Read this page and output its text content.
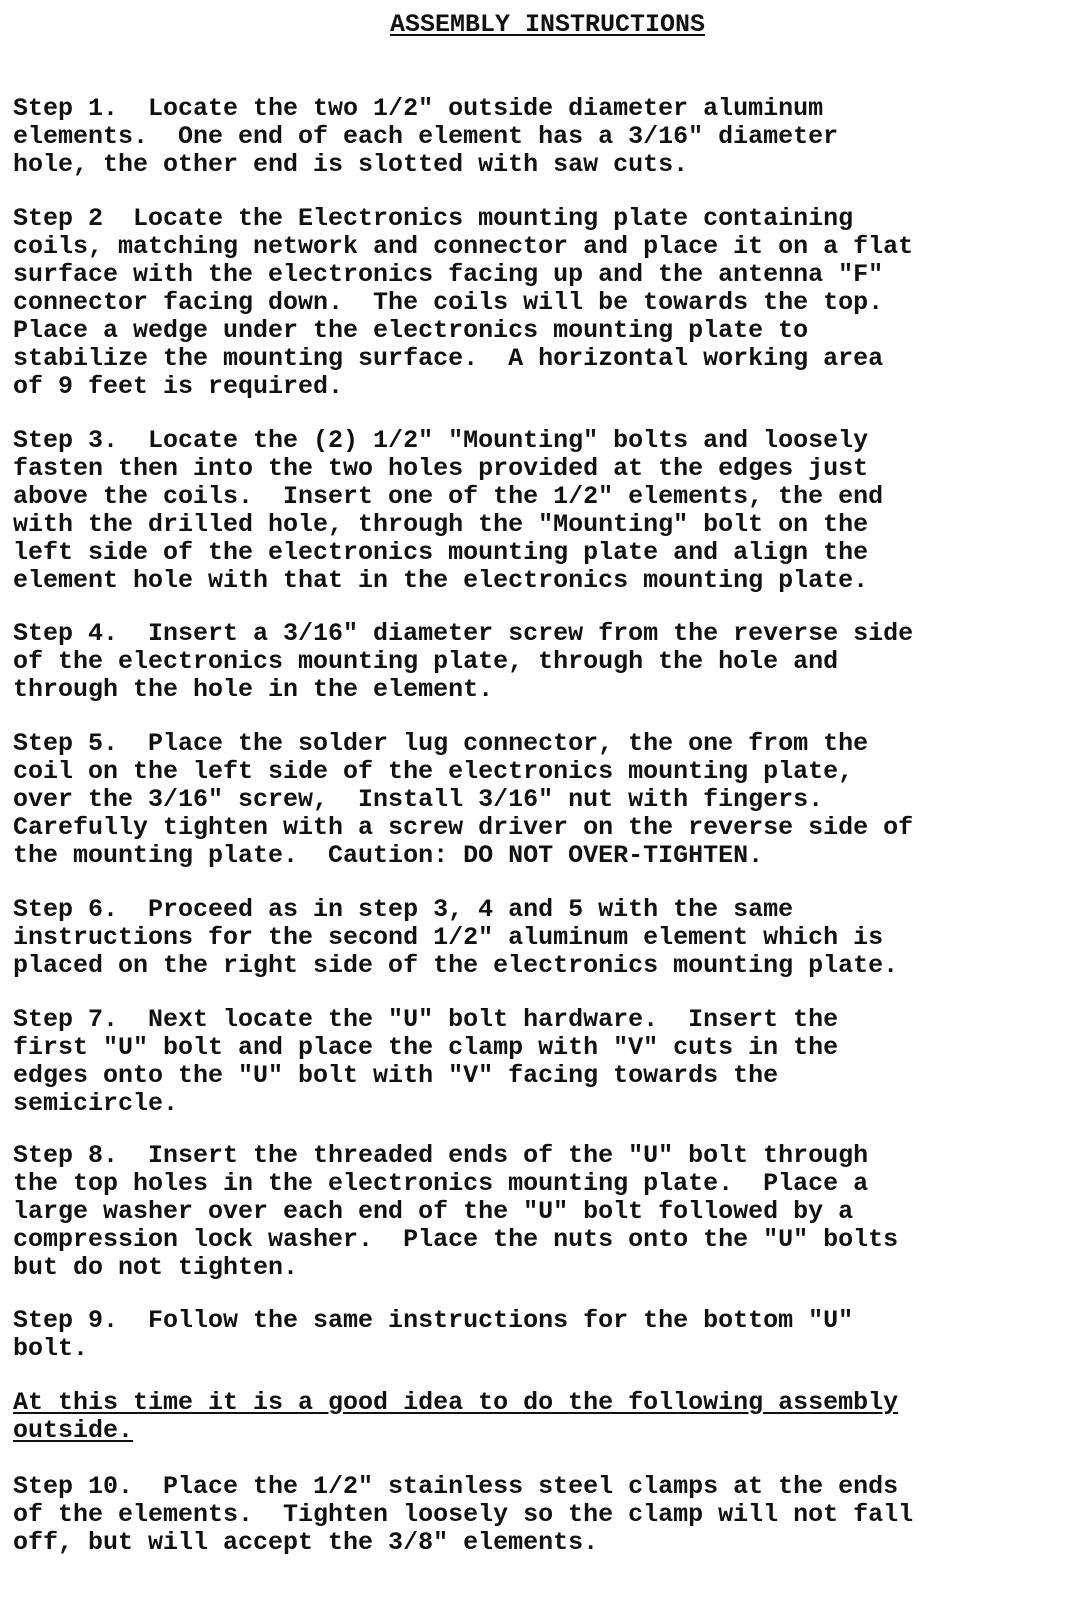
ASSEMBLY INSTRUCTIONS
Step 1.  Locate the two 1/2" outside diameter aluminum
elements.  One end of each element has a 3/16" diameter
hole, the other end is slotted with saw cuts.
Step 2  Locate the Electronics mounting plate containing
coils, matching network and connector and place it on a flat
surface with the electronics facing up and the antenna "F"
connector facing down.  The coils will be towards the top.
Place a wedge under the electronics mounting plate to
stabilize the mounting surface.  A horizontal working area
of 9 feet is required.
Step 3.  Locate the (2) 1/2" "Mounting" bolts and loosely
fasten then into the two holes provided at the edges just
above the coils.  Insert one of the 1/2" elements, the end
with the drilled hole, through the "Mounting" bolt on the
left side of the electronics mounting plate and align the
element hole with that in the electronics mounting plate.
Step 4.  Insert a 3/16" diameter screw from the reverse side
of the electronics mounting plate, through the hole and
through the hole in the element.
Step 5.  Place the solder lug connector, the one from the
coil on the left side of the electronics mounting plate,
over the 3/16" screw,  Install 3/16" nut with fingers.
Carefully tighten with a screw driver on the reverse side of
the mounting plate.  Caution: DO NOT OVER-TIGHTEN.
Step 6.  Proceed as in step 3, 4 and 5 with the same
instructions for the second 1/2" aluminum element which is
placed on the right side of the electronics mounting plate.
Step 7.  Next locate the "U" bolt hardware.  Insert the
first "U" bolt and place the clamp with "V" cuts in the
edges onto the "U" bolt with "V" facing towards the
semicircle.
Step 8.  Insert the threaded ends of the "U" bolt through
the top holes in the electronics mounting plate.  Place a
large washer over each end of the "U" bolt followed by a
compression lock washer.  Place the nuts onto the "U" bolts
but do not tighten.
Step 9.  Follow the same instructions for the bottom "U"
bolt.
At this time it is a good idea to do the following assembly
outside.
Step 10.  Place the 1/2" stainless steel clamps at the ends
of the elements.  Tighten loosely so the clamp will not fall
off, but will accept the 3/8" elements.
